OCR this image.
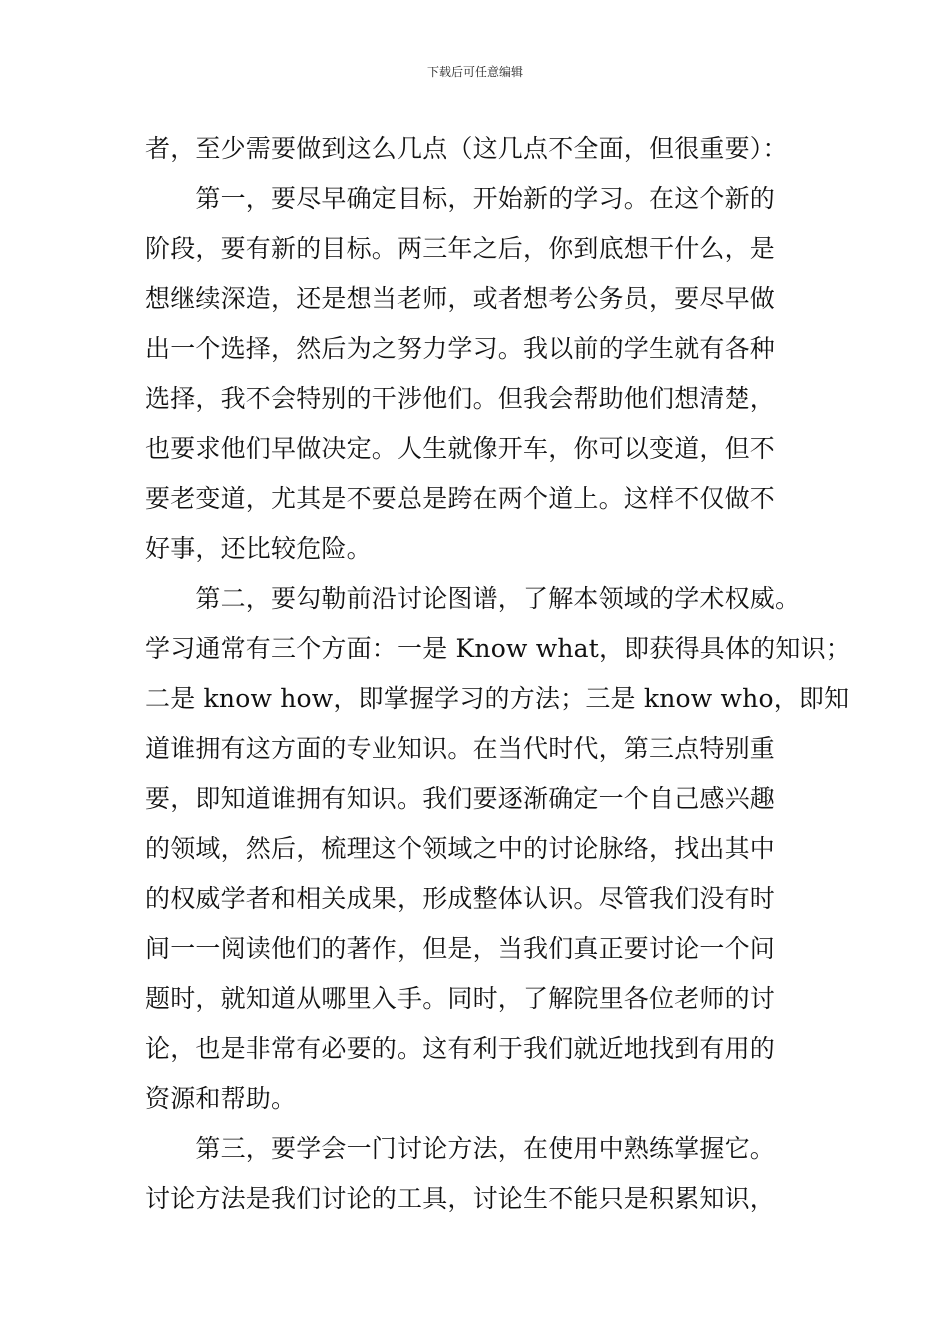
下载后可任意编辑
者，至少需要做到这么几点（这几点不全面，但很重要）：
　　第一，要尽早确定目标，开始新的学习。在这个新的
阶段，要有新的目标。两三年之后，你到底想干什么，是
想继续深造，还是想当老师，或者想考公务员，要尽早做
出一个选择，然后为之努力学习。我以前的学生就有各种
选择，我不会特别的干涉他们。但我会帮助他们想清楚，
也要求他们早做决定。人生就像开车，你可以变道，但不
要老变道，尤其是不要总是跨在两个道上。这样不仅做不
好事，还比较危险。
　　第二，要勾勒前沿讨论图谱，了解本领域的学术权威。
学习通常有三个方面：一是 Know what，即获得具体的知识；
二是 know how，即掌握学习的方法；三是 know who，即知
道谁拥有这方面的专业知识。在当代时代，第三点特别重
要，即知道谁拥有知识。我们要逐渐确定一个自己感兴趣
的领域，然后，梳理这个领域之中的讨论脉络，找出其中
的权威学者和相关成果，形成整体认识。尽管我们没有时
间一一阅读他们的著作，但是，当我们真正要讨论一个问
题时，就知道从哪里入手。同时，了解院里各位老师的讨
论，也是非常有必要的。这有利于我们就近地找到有用的
资源和帮助。
　　第三，要学会一门讨论方法，在使用中熟练掌握它。
讨论方法是我们讨论的工具，讨论生不能只是积累知识，
